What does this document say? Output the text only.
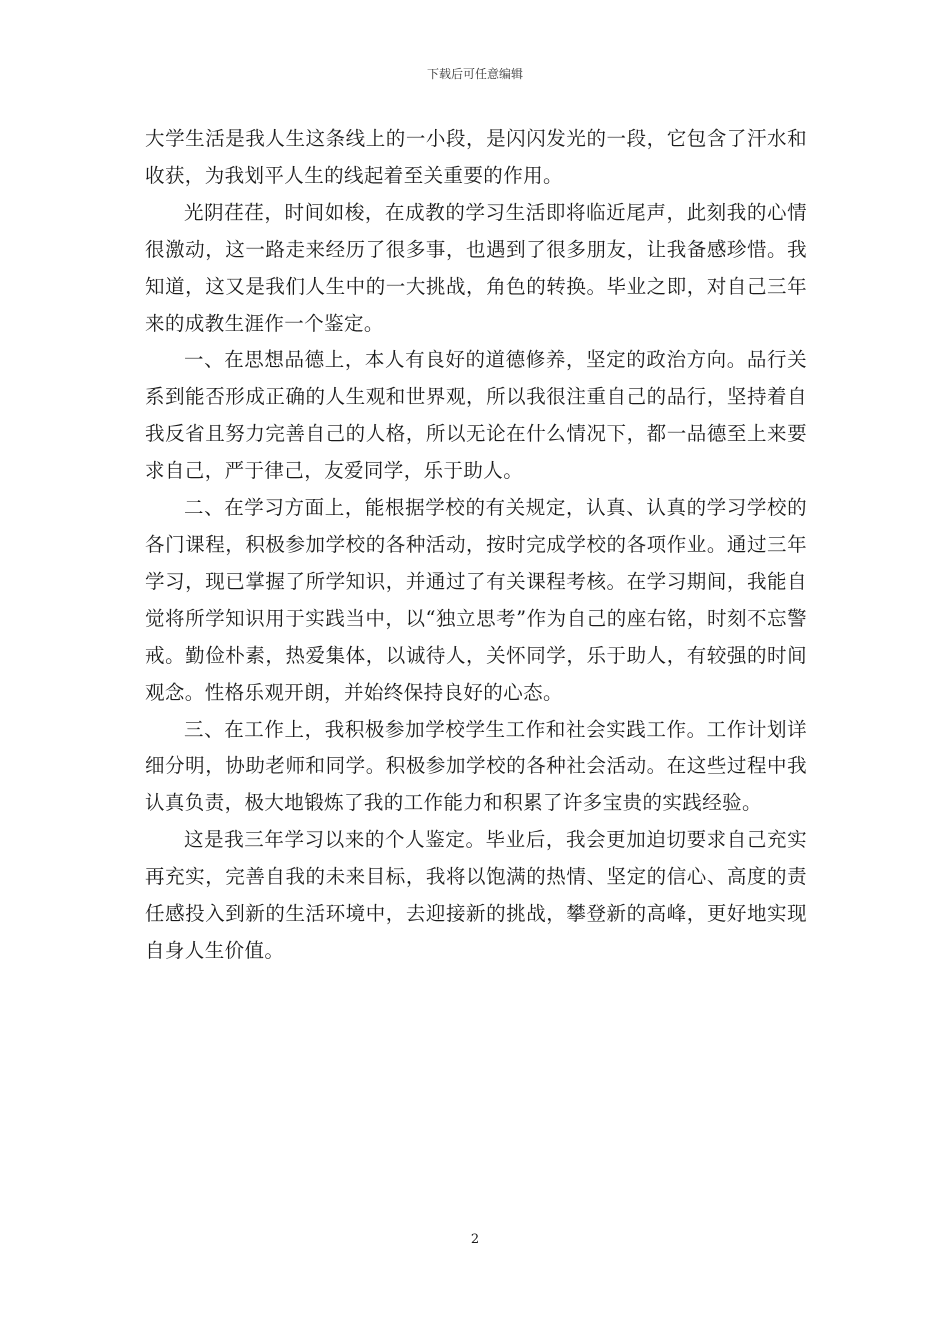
下载后可任意编辑

大学生活是我人生这条线上的一小段，是闪闪发光的一段，它包含了汗水和收获，为我划平人生的线起着至关重要的作用。

光阴荏荏，时间如梭，在成教的学习生活即将临近尾声，此刻我的心情很激动，这一路走来经历了很多事，也遇到了很多朋友，让我备感珍惜。我知道，这又是我们人生中的一大挑战，角色的转换。毕业之即，对自己三年来的成教生涯作一个鉴定。

一、在思想品德上，本人有良好的道德修养，坚定的政治方向。品行关系到能否形成正确的人生观和世界观，所以我很注重自己的品行，坚持着自我反省且努力完善自己的人格，所以无论在什么情况下，都一品德至上来要求自己，严于律己，友爱同学，乐于助人。

二、在学习方面上，能根据学校的有关规定，认真、认真的学习学校的各门课程，积极参加学校的各种活动，按时完成学校的各项作业。通过三年学习，现已掌握了所学知识，并通过了有关课程考核。在学习期间，我能自觉将所学知识用于实践当中，以“独立思考”作为自己的座右铭，时刻不忘警戒。勤俭朴素，热爱集体，以诚待人，关怀同学，乐于助人，有较强的时间观念。性格乐观开朗，并始终保持良好的心态。

三、在工作上，我积极参加学校学生工作和社会实践工作。工作计划详细分明，协助老师和同学。积极参加学校的各种社会活动。在这些过程中我认真负责，极大地锻炼了我的工作能力和积累了许多宝贵的实践经验。

这是我三年学习以来的个人鉴定。毕业后，我会更加迫切要求自己充实再充实，完善自我的未来目标，我将以饱满的热情、坚定的信心、高度的责任感投入到新的生活环境中，去迎接新的挑战，攀登新的高峰，更好地实现自身人生价值。

2
